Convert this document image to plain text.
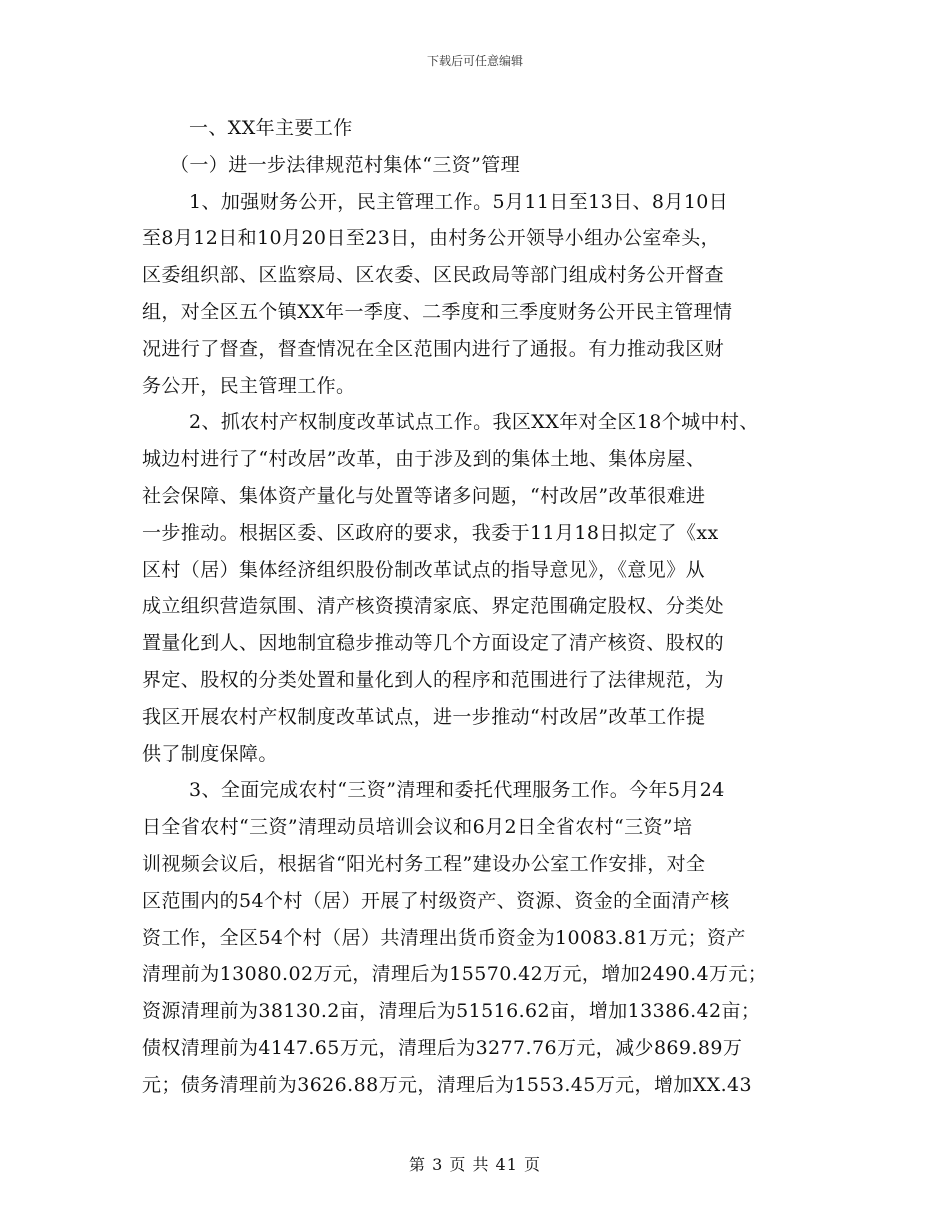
下载后可任意编辑
一、XX年主要工作
（一）进一步法律规范村集体“三资”管理
1、加强财务公开，民主管理工作。5月11日至13日、8月10日
至8月12日和10月20日至23日，由村务公开领导小组办公室牵头，
区委组织部、区监察局、区农委、区民政局等部门组成村务公开督查
组，对全区五个镇XX年一季度、二季度和三季度财务公开民主管理情
况进行了督查，督查情况在全区范围内进行了通报。有力推动我区财
务公开，民主管理工作。
2、抓农村产权制度改革试点工作。我区XX年对全区18个城中村、
城边村进行了“村改居”改革，由于涉及到的集体土地、集体房屋、
社会保障、集体资产量化与处置等诸多问题，“村改居”改革很难进
一步推动。根据区委、区政府的要求，我委于11月18日拟定了《xx
区村（居）集体经济组织股份制改革试点的指导意见》，《意见》从
成立组织营造氛围、清产核资摸清家底、界定范围确定股权、分类处
置量化到人、因地制宜稳步推动等几个方面设定了清产核资、股权的
界定、股权的分类处置和量化到人的程序和范围进行了法律规范，为
我区开展农村产权制度改革试点，进一步推动“村改居”改革工作提
供了制度保障。
3、全面完成农村“三资”清理和委托代理服务工作。今年5月24
日全省农村“三资”清理动员培训会议和6月2日全省农村“三资”培
训视频会议后，根据省“阳光村务工程”建设办公室工作安排，对全
区范围内的54个村（居）开展了村级资产、资源、资金的全面清产核
资工作，全区54个村（居）共清理出货币资金为10083.81万元；资产
清理前为13080.02万元，清理后为15570.42万元，增加2490.4万元；
资源清理前为38130.2亩，清理后为51516.62亩，增加13386.42亩；
债权清理前为4147.65万元，清理后为3277.76万元，减少869.89万
元；债务清理前为3626.88万元，清理后为1553.45万元，增加XX.43
第 3 页 共 41 页
